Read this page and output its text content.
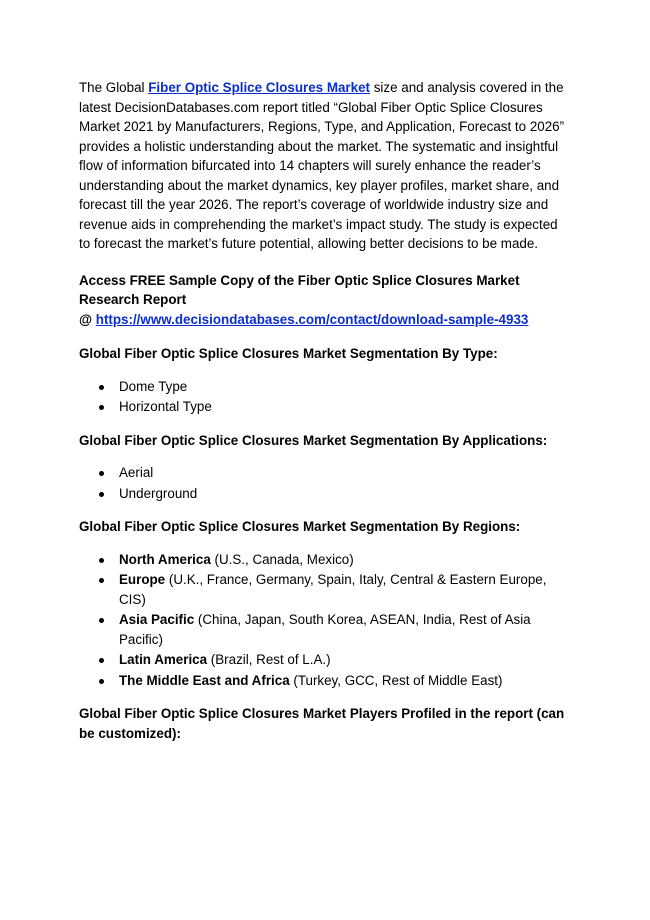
The Global Fiber Optic Splice Closures Market size and analysis covered in the latest DecisionDatabases.com report titled “Global Fiber Optic Splice Closures Market 2021 by Manufacturers, Regions, Type, and Application, Forecast to 2026” provides a holistic understanding about the market. The systematic and insightful flow of information bifurcated into 14 chapters will surely enhance the reader’s understanding about the market dynamics, key player profiles, market share, and forecast till the year 2026. The report’s coverage of worldwide industry size and revenue aids in comprehending the market’s impact study. The study is expected to forecast the market’s future potential, allowing better decisions to be made.

Access FREE Sample Copy of the Fiber Optic Splice Closures Market Research Report
@ https://www.decisiondatabases.com/contact/download-sample-4933

Global Fiber Optic Splice Closures Market Segmentation By Type:
Dome Type
Horizontal Type
Global Fiber Optic Splice Closures Market Segmentation By Applications:
Aerial
Underground
Global Fiber Optic Splice Closures Market Segmentation By Regions:
North America (U.S., Canada, Mexico)
Europe (U.K., France, Germany, Spain, Italy, Central & Eastern Europe, CIS)
Asia Pacific (China, Japan, South Korea, ASEAN, India, Rest of Asia Pacific)
Latin America (Brazil, Rest of L.A.)
The Middle East and Africa (Turkey, GCC, Rest of Middle East)
Global Fiber Optic Splice Closures Market Players Profiled in the report (can be customized):
